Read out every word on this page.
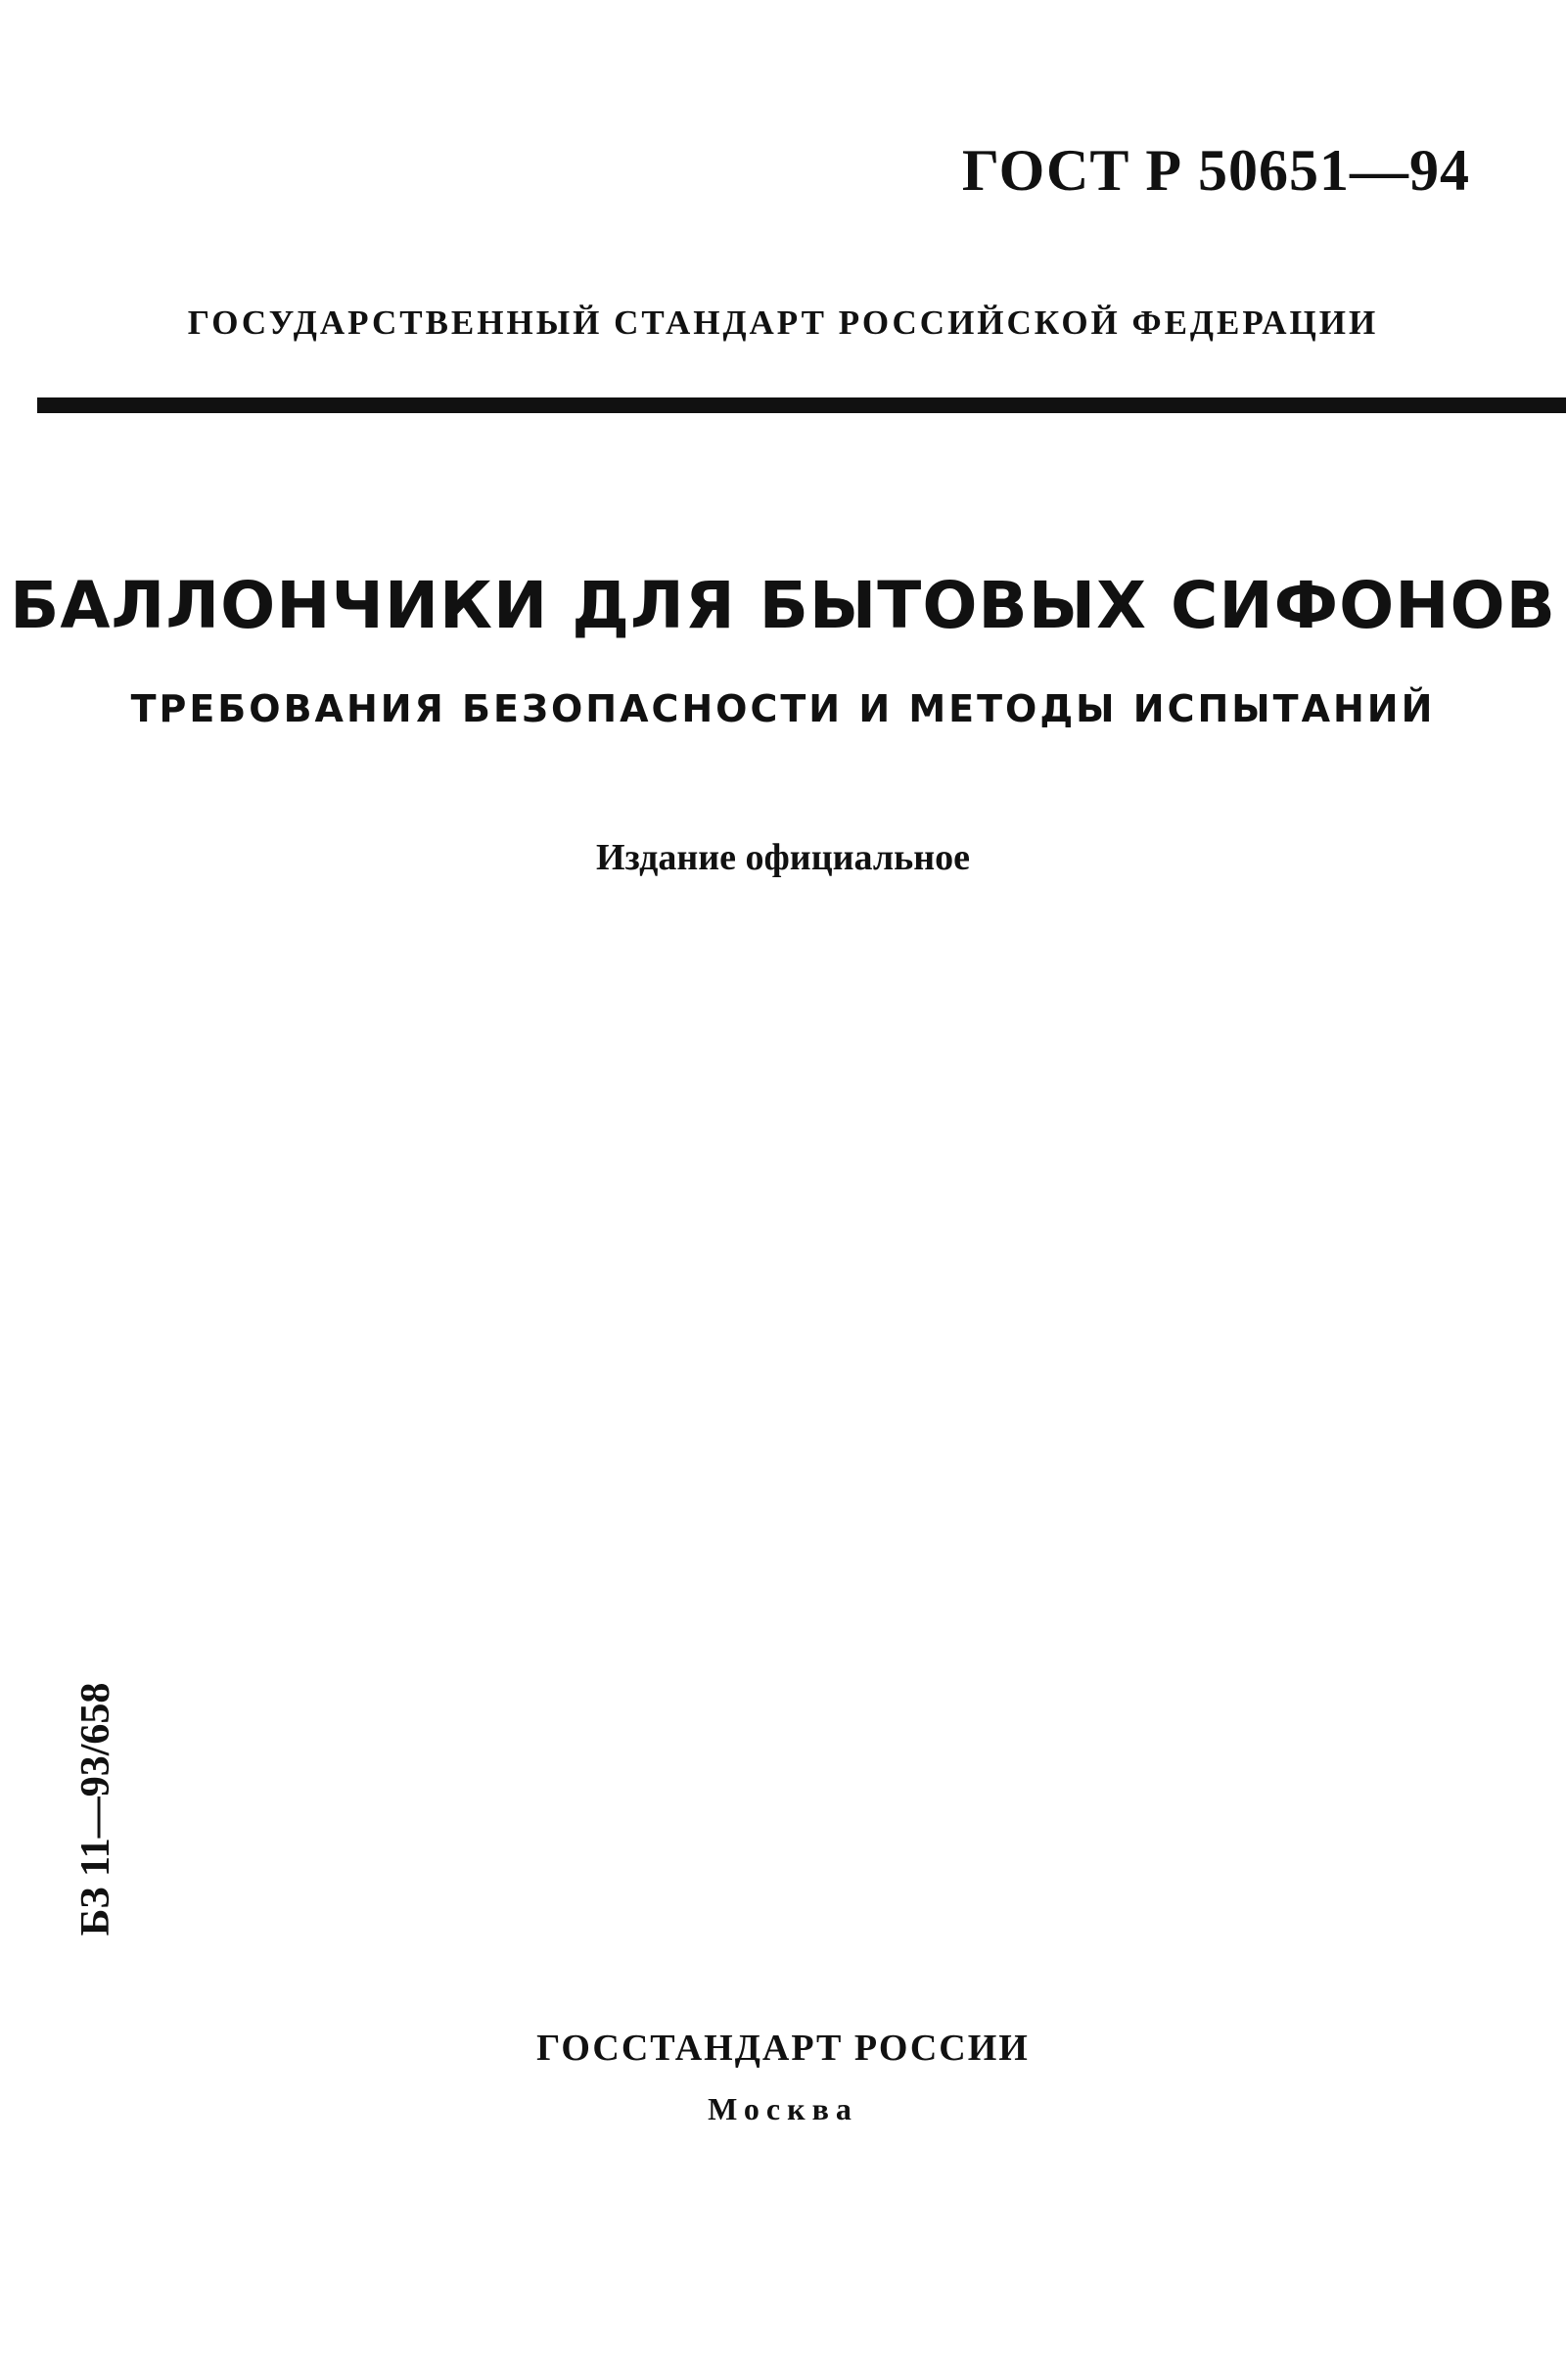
ГОСТ Р 50651—94
ГОСУДАРСТВЕННЫЙ СТАНДАРТ РОССИЙСКОЙ ФЕДЕРАЦИИ
БАЛЛОНЧИКИ ДЛЯ БЫТОВЫХ СИФОНОВ
ТРЕБОВАНИЯ БЕЗОПАСНОСТИ И МЕТОДЫ ИСПЫТАНИЙ
Издание официальное
БЗ 11—93/658
ГОССТАНДАРТ РОССИИ
Москва
